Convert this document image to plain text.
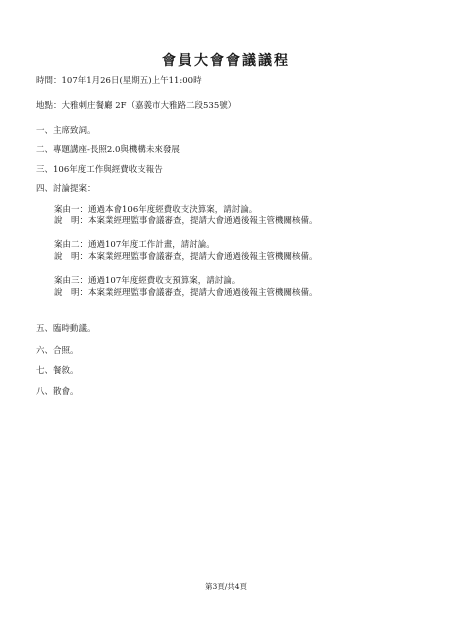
會員大會會議議程
時間：107年1月26日(星期五)上午11:00時
地點：大雅刺庄餐廳 2F（嘉義市大雅路二段535號）
一、主席致詞。
二、專題講座-長照2.0與機構未來發展
三、106年度工作與經費收支報告
四、討論提案：
案由一：通過本會106年度經費收支決算案，請討論。
說　明：本案業經理監事會議審查，提請大會通過後報主管機關核備。
案由二：通過107年度工作計畫，請討論。
說　明：本案業經理監事會議審查，提請大會通過後報主管機關核備。
案由三：通過107年度經費收支預算案，請討論。
說　明：本案業經理監事會議審查，提請大會通過後報主管機關核備。
五、臨時動議。
六、合照。
七、餐敘。
八、散會。
第3頁/共4頁
